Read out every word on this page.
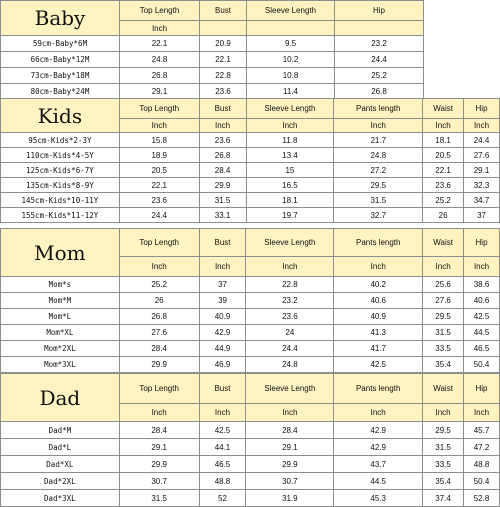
Baby	Top Length	Bust	Sleeve Length	Hip
	Inch			
59cm-Baby*6M	22.1	20.9	9.5	23.2
66cm-Baby*12M	24.8	22.1	10.2	24.4
73cm-Baby*18M	26.8	22.8	10.8	25.2
80cm-Baby*24M	29.1	23.6	11.4	26.8
Kids	Top Length	Bust	Sleeve Length	Pants length	Waist	Hip
	Inch	Inch	Inch	Inch	Inch	Inch
95cm-Kids*2-3Y	15.8	23.6	11.8	21.7	18.1	24.4
110cm-Kids*4-5Y	18.9	26.8	13.4	24.8	20.5	27.6
125cm-Kids*6-7Y	20.5	28.4	15	27.2	22.1	29.1
135cm-Kids*8-9Y	22.1	29.9	16.5	29.5	23.6	32.3
145cm-Kids*10-11Y	23.6	31.5	18.1	31.5	25.2	34.7
155cm-Kids*11-12Y	24.4	33.1	19.7	32.7	26	37
Mom	Top Length	Bust	Sleeve Length	Pants length	Waist	Hip
	Inch	Inch	Inch	Inch	Inch	Inch
Mom*s	25.2	37	22.8	40.2	25.6	38.6
Mom*M	26	39	23.2	40.6	27.6	40.6
Mom*L	26.8	40.9	23.6	40.9	29.5	42.5
Mom*XL	27.6	42.9	24	41.3	31.5	44.5
Mom*2XL	28.4	44.9	24.4	41.7	33.5	46.5
Mom*3XL	29.9	46.9	24.8	42.5	35.4	50.4
Dad	Top Length	Bust	Sleeve Length	Pants length	Waist	Hip
	Inch	Inch	Inch	Inch	Inch	Inch
Dad*M	28.4	42.5	28.4	42.9	29.5	45.7
Dad*L	29.1	44.1	29.1	42.9	31.5	47.2
Dad*XL	29.9	46.5	29.9	43.7	33.5	48.8
Dad*2XL	30.7	48.8	30.7	44.5	35.4	50.4
Dad*3XL	31.5	52	31.9	45.3	37.4	52.8
